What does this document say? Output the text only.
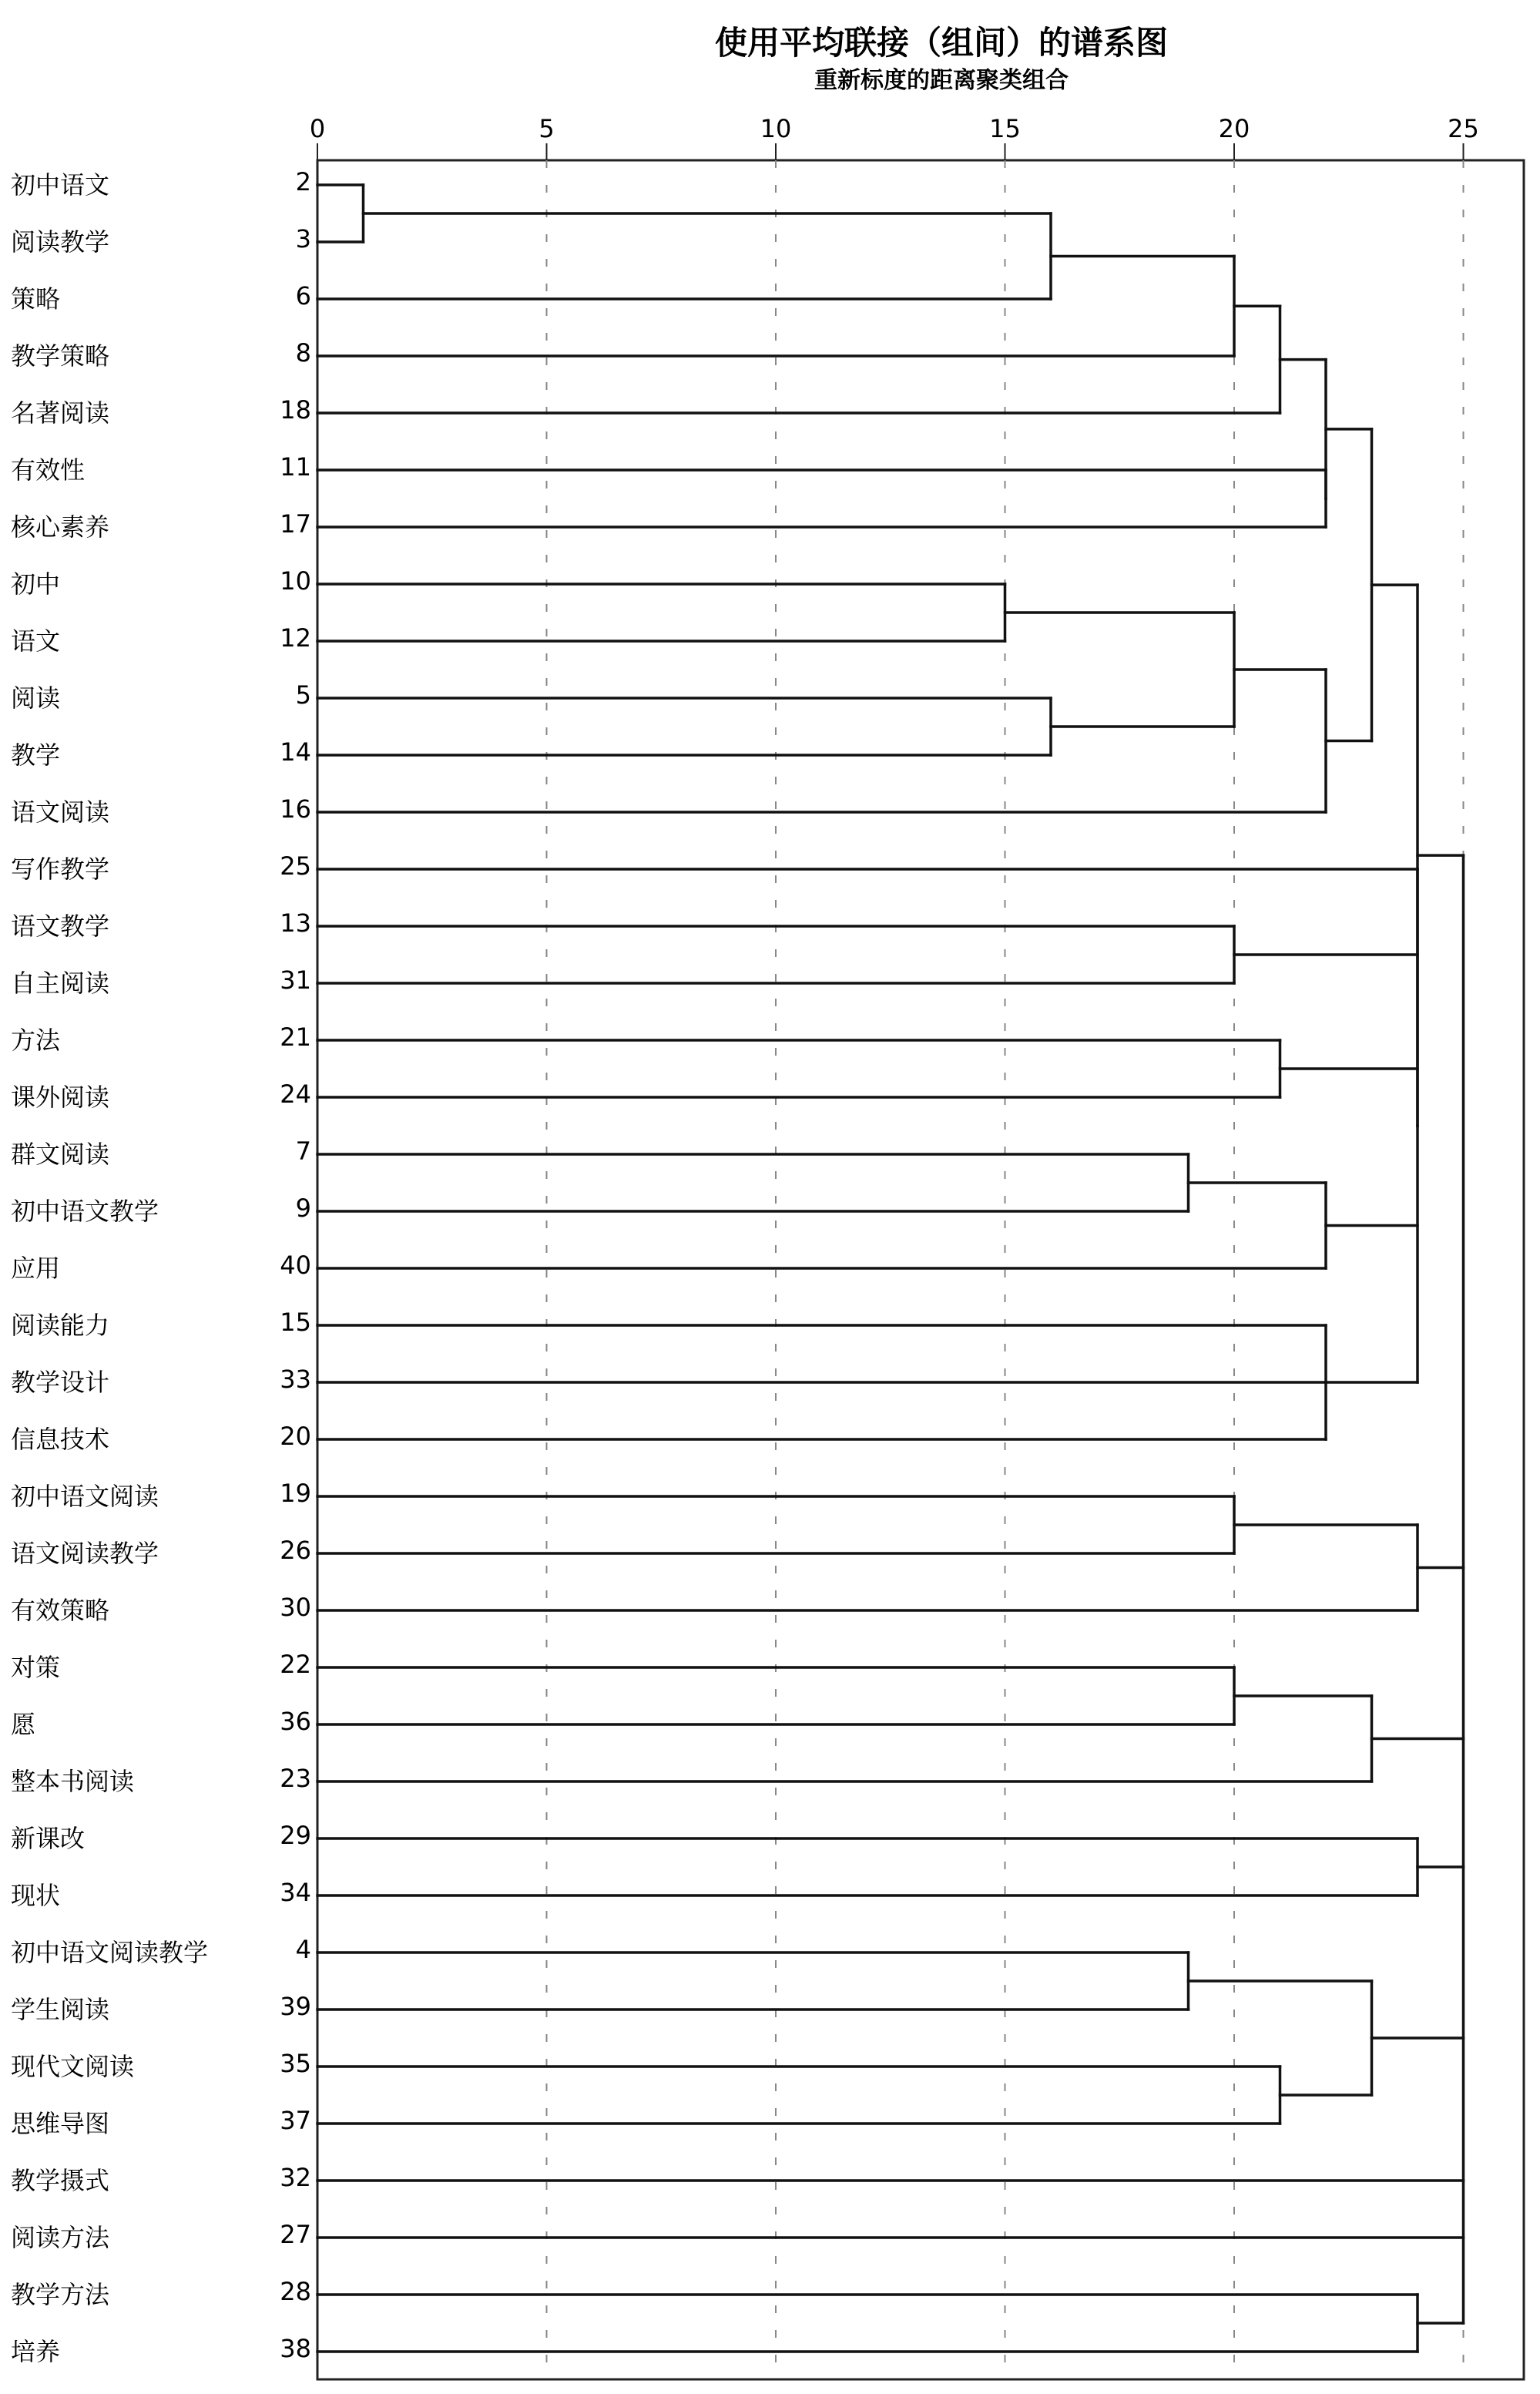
使用平均联接（组间）的谱系图
重新标度的距离聚类组合
0	5	10	15	20	25
初中语文	2
阅读教学	3
策略	6
教学策略	8
名著阅读	18
有效性	11
核心素养	17
初中	10
语文	12
阅读	5
教学	14
语文阅读	16
写作教学	25
语文教学	13
自主阅读	31
方法	21
课外阅读	24
群文阅读	7
初中语文教学	9
应用	40
阅读能力	15
教学设计	33
信息技术	20
初中语文阅读	19
语文阅读教学	26
有效策略	30
对策	22
愿	36
整本书阅读	23
新课改	29
现状	34
初中语文阅读教学	4
学生阅读	39
现代文阅读	35
思维导图	37
教学摄式	32
阅读方法	27
教学方法	28
培养	38
